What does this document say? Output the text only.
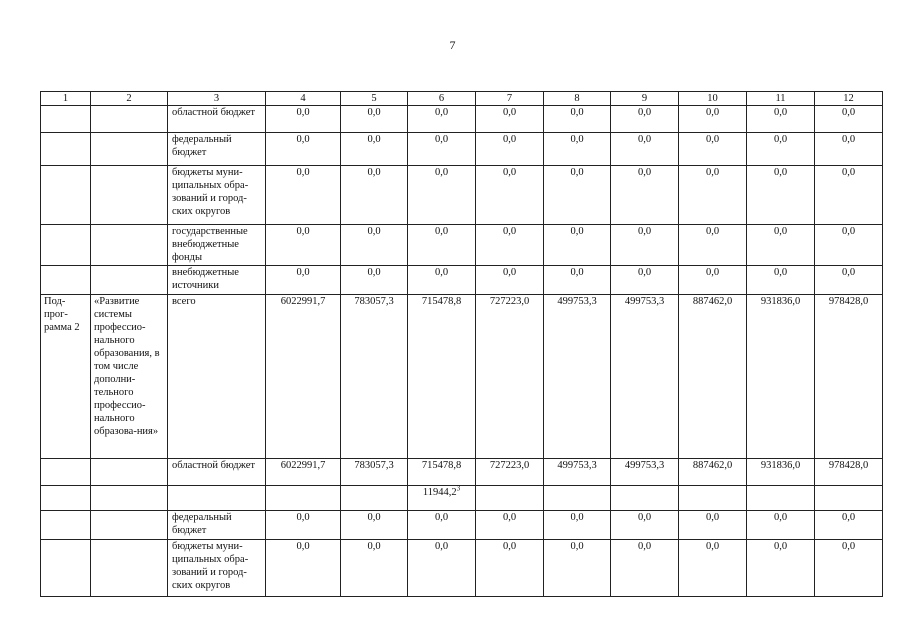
7
1	2	3	4	5	6	7	8	9	10	11	12
		областной бюджет	0,0	0,0	0,0	0,0	0,0	0,0	0,0	0,0	0,0
		федеральный бюджет	0,0	0,0	0,0	0,0	0,0	0,0	0,0	0,0	0,0
		бюджеты муни-ципальных обра-зований и город-ских округов	0,0	0,0	0,0	0,0	0,0	0,0	0,0	0,0	0,0
		государственные внебюджетные фонды	0,0	0,0	0,0	0,0	0,0	0,0	0,0	0,0	0,0
		внебюджетные источники	0,0	0,0	0,0	0,0	0,0	0,0	0,0	0,0	0,0
Под-прог-рамма 2	«Развитие системы профессио-нального образования, в том числе дополни-тельного профессио-нального образова-ния»	всего	6022991,7	783057,3	715478,8	727223,0	499753,3	499753,3	887462,0	931836,0	978428,0
		областной бюджет	6022991,7	783057,3	715478,8	727223,0	499753,3	499753,3	887462,0	931836,0	978428,0
					11944,2$^3$						
		федеральный бюджет	0,0	0,0	0,0	0,0	0,0	0,0	0,0	0,0	0,0
		бюджеты муни-ципальных обра-зований и город-ских округов	0,0	0,0	0,0	0,0	0,0	0,0	0,0	0,0	0,0
